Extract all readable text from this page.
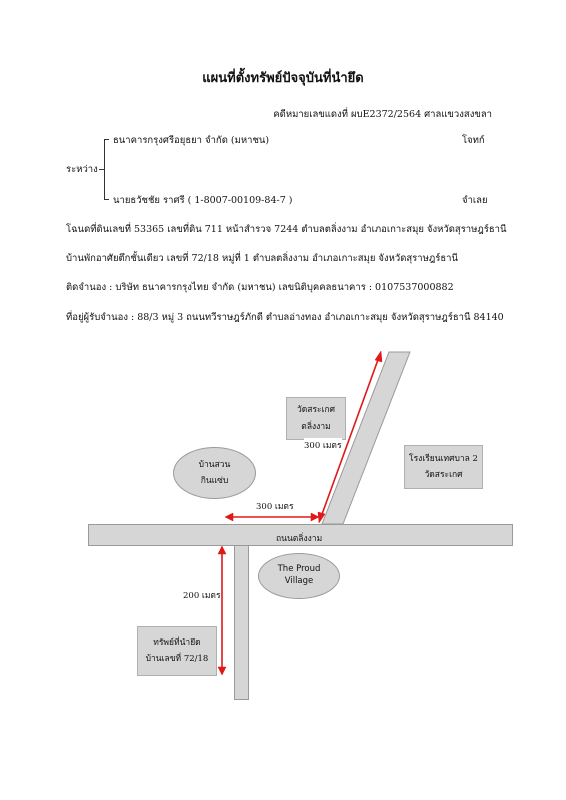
แผนที่ตั้งทรัพย์ปัจจุบันที่นำยึด
คดีหมายเลขแดงที่ ผบE2372/2564 ศาลแขวงสงขลา
ระหว่าง
ธนาคารกรุงศรีอยุธยา จำกัด (มหาชน)	โจทก์
นายธวัชชัย ราศรี ( 1-8007-00109-84-7 )	จำเลย
โฉนดที่ดินเลขที่ 53365 เลขที่ดิน 711 หน้าสำรวจ 7244 ตำบลตลิ่งงาม อำเภอเกาะสมุย จังหวัดสุราษฎร์ธานี
บ้านพักอาศัยตึกชั้นเดียว เลขที่ 72/18 หมู่ที่ 1 ตำบลตลิ่งงาม อำเภอเกาะสมุย จังหวัดสุราษฎร์ธานี
ติดจำนอง : บริษัท ธนาคารกรุงไทย จำกัด (มหาชน) เลขนิติบุคคลธนาคาร : 0107537000882
ที่อยู่ผู้รับจำนอง : 88/3 หมู่ 3 ถนนทวีราษฎร์ภักดี ตำบลอ่างทอง อำเภอเกาะสมุย จังหวัดสุราษฎร์ธานี 84140
วัดสระเกศ
ตลิ่งงาม
โรงเรียนเทศบาล 2
วัดสระเกศ
บ้านสวน
กินแซ่บ
The Proud
Village
ทรัพย์ที่นำยึด
บ้านเลขที่ 72/18
300 เมตร
300 เมตร
200 เมตร
ถนนตลิ่งงาม
